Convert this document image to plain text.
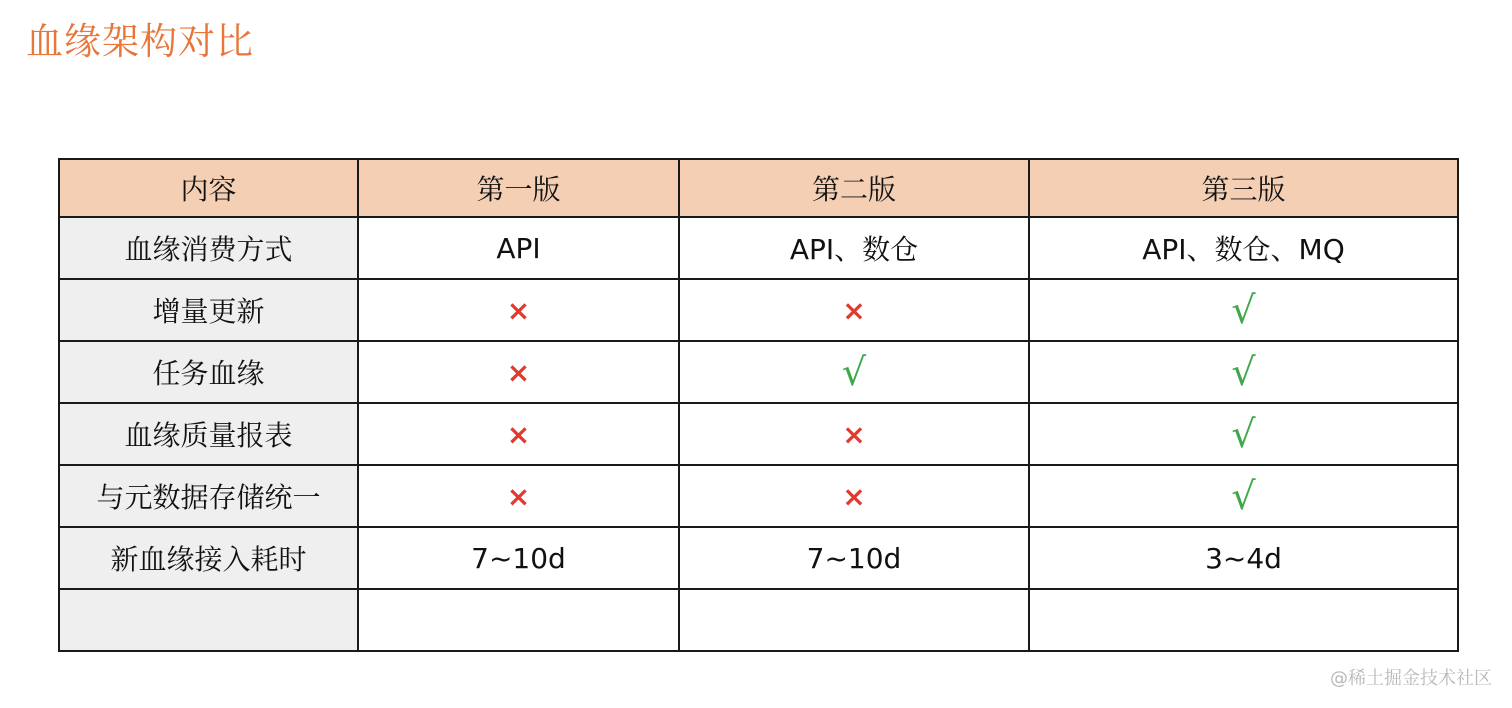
血缘架构对比
内容	第一版	第二版	第三版
血缘消费方式	API	API、数仓	API、数仓、MQ
增量更新	×	×	√
任务血缘	×	√	√
血缘质量报表	×	×	√
与元数据存储统一	×	×	√
新血缘接入耗时	7~10d	7~10d	3~4d

@稀土掘金技术社区
